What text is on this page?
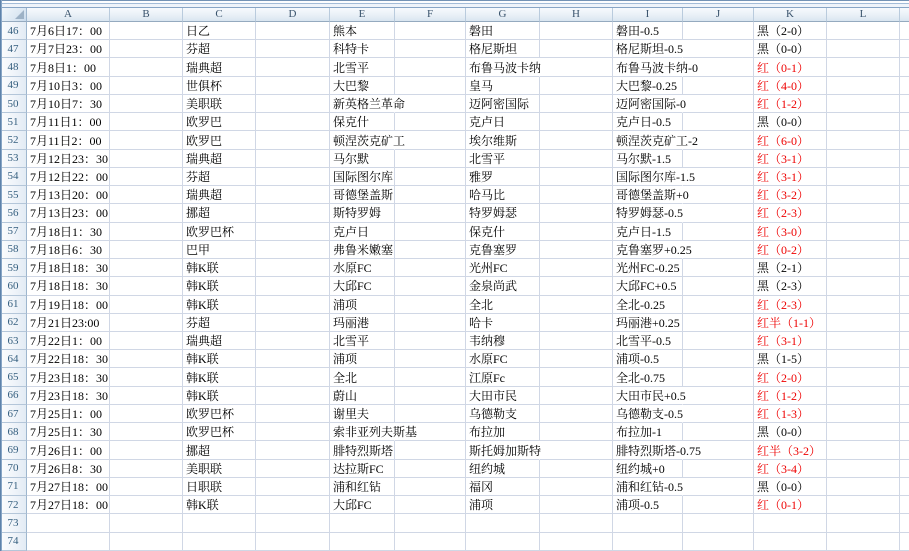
A	B	C	D	E	F	G	H	I	J	K	L
46 7月6日17：00	日乙	熊本	磐田	磐田-0.5	黑（2-0）
47 7月7日23：00	芬超	科特卡	格尼斯坦	格尼斯坦-0.5	黑（0-0）
48 7月8日1：00	瑞典超	北雪平	布鲁马波卡纳	布鲁马波卡纳-0	红（0-1）
49 7月10日3：00	世俱杯	大巴黎	皇马	大巴黎-0.25	红（4-0）
50 7月10日7：30	美职联	新英格兰革命	迈阿密国际	迈阿密国际-0	红（1-2）
51 7月11日1：00	欧罗巴	保克什	克卢日	克卢日-0.5	黑（0-0）
52 7月11日2：00	欧罗巴	顿涅茨克矿工	埃尔维斯	顿涅茨克矿工-2	红（6-0）
53 7月12日23：30	瑞典超	马尔默	北雪平	马尔默-1.5	红（3-1）
54 7月12日22：00	芬超	国际图尔库	雅罗	国际图尔库-1.5	红（3-1）
55 7月13日20：00	瑞典超	哥德堡盖斯	哈马比	哥德堡盖斯+0	红（3-2）
56 7月13日23：00	挪超	斯特罗姆	特罗姆瑟	特罗姆瑟-0.5	红（2-3）
57 7月18日1：30	欧罗巴杯	克卢日	保克什	克卢日-1.5	红（3-0）
58 7月18日6：30	巴甲	弗鲁米嫩塞	克鲁塞罗	克鲁塞罗+0.25	红（0-2）
59 7月18日18：30	韩K联	水原FC	光州FC	光州FC-0.25	黑（2-1）
60 7月18日18：30	韩K联	大邱FC	金泉尚武	大邱FC+0.5	黑（2-3）
61 7月19日18：00	韩K联	浦项	全北	全北-0.25	红（2-3）
62 7月21日23:00	芬超	玛丽港	哈卡	玛丽港+0.25	红半（1-1）
63 7月22日1：00	瑞典超	北雪平	韦纳穆	北雪平-0.5	红（3-1）
64 7月22日18：30	韩K联	浦项	水原FC	浦项-0.5	黑（1-5）
65 7月23日18：30	韩K联	全北	江原Fc	全北-0.75	红（2-0）
66 7月23日18：30	韩K联	蔚山	大田市民	大田市民+0.5	红（1-2）
67 7月25日1：00	欧罗巴杯	谢里夫	乌德勒支	乌德勒支-0.5	红（1-3）
68 7月25日1：30	欧罗巴杯	索非亚列夫斯基	布拉加	布拉加-1	黑（0-0）
69 7月26日1：00	挪超	腓特烈斯塔	斯托姆加斯特	腓特烈斯塔-0.75	红半（3-2）
70 7月26日8：30	美职联	达拉斯FC	纽约城	纽约城+0	红（3-4）
71 7月27日18：00	日职联	浦和红钻	福冈	浦和红钻-0.5	黑（0-0）
72 7月27日18：00	韩K联	大邱FC	浦项	浦项-0.5	红（0-1）
73
74
